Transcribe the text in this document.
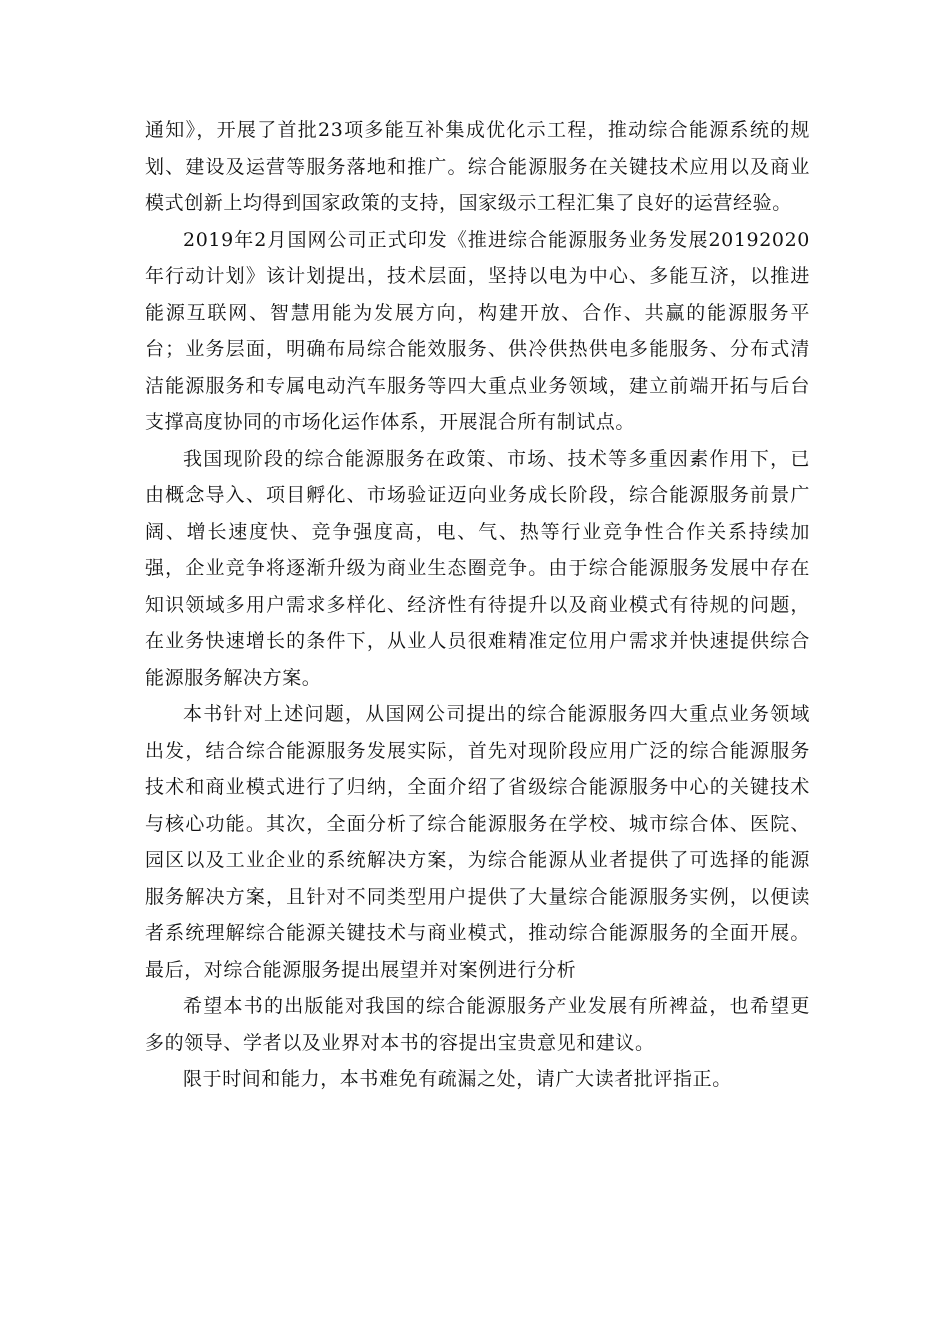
通知》，开展了首批23项多能互补集成优化示工程，推动综合能源系统的规划、建设及运营等服务落地和推广。综合能源服务在关键技术应用以及商业模式创新上均得到国家政策的支持，国家级示工程汇集了良好的运营经验。

2019年2月国网公司正式印发《推进综合能源服务业务发展20192020年行动计划》该计划提出，技术层面，坚持以电为中心、多能互济，以推进能源互联网、智慧用能为发展方向，构建开放、合作、共赢的能源服务平台；业务层面，明确布局综合能效服务、供冷供热供电多能服务、分布式清洁能源服务和专属电动汽车服务等四大重点业务领域，建立前端开拓与后台支撑高度协同的市场化运作体系，开展混合所有制试点。

我国现阶段的综合能源服务在政策、市场、技术等多重因素作用下，已由概念导入、项目孵化、市场验证迈向业务成长阶段，综合能源服务前景广阔、增长速度快、竞争强度高，电、气、热等行业竞争性合作关系持续加强，企业竞争将逐渐升级为商业生态圈竞争。由于综合能源服务发展中存在知识领域多用户需求多样化、经济性有待提升以及商业模式有待规的问题，在业务快速增长的条件下，从业人员很难精准定位用户需求并快速提供综合能源服务解决方案。

本书针对上述问题，从国网公司提出的综合能源服务四大重点业务领域出发，结合综合能源服务发展实际，首先对现阶段应用广泛的综合能源服务技术和商业模式进行了归纳，全面介绍了省级综合能源服务中心的关键技术与核心功能。其次，全面分析了综合能源服务在学校、城市综合体、医院、园区以及工业企业的系统解决方案，为综合能源从业者提供了可选择的能源服务解决方案，且针对不同类型用户提供了大量综合能源服务实例，以便读者系统理解综合能源关键技术与商业模式，推动综合能源服务的全面开展。最后，对综合能源服务提出展望并对案例进行分析

希望本书的出版能对我国的综合能源服务产业发展有所裨益，也希望更多的领导、学者以及业界对本书的容提出宝贵意见和建议。

限于时间和能力，本书难免有疏漏之处，请广大读者批评指正。
